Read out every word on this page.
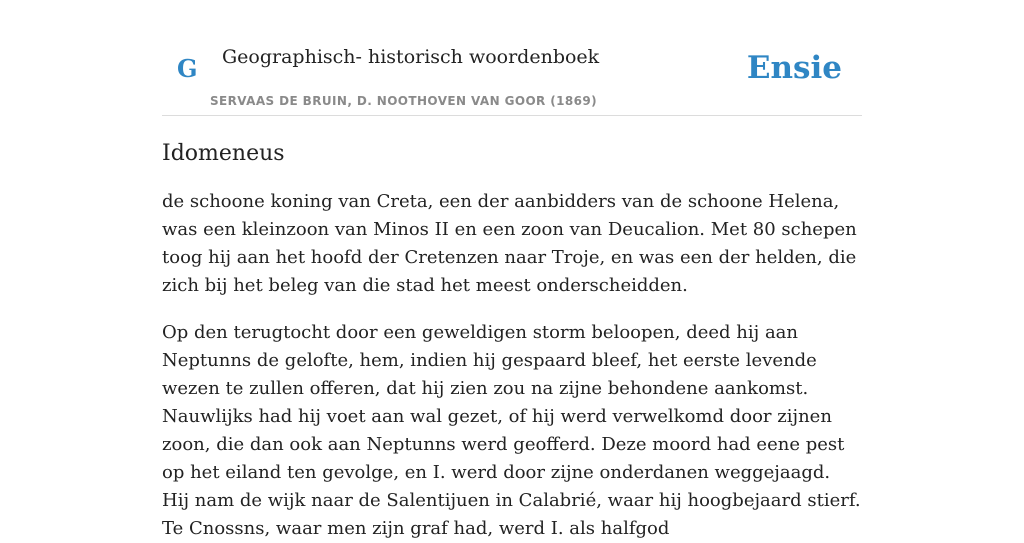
G Geographisch- historisch woordenboek
SERVAAS DE BRUIN, D. NOOTHOVEN VAN GOOR (1869)
Ensie
Idomeneus

de schoone koning van Creta, een der aanbidders van de schoone Helena, was een kleinzoon van Minos II en een zoon van Deucalion. Met 80 schepen toog hij aan het hoofd der Cretenzen naar Troje, en was een der helden, die zich bij het beleg van die stad het meest onderscheidden.

Op den terugtocht door een geweldigen storm beloopen, deed hij aan Neptunns de gelofte, hem, indien hij gespaard bleef, het eerste levende wezen te zullen offeren, dat hij zien zou na zijne behondene aankomst. Nauwlijks had hij voet aan wal gezet, of hij werd verwelkomd door zijnen zoon, die dan ook aan Neptunns werd geofferd. Deze moord had eene pest op het eiland ten gevolge, en I. werd door zijne onderdanen weggejaagd. Hij nam de wijk naar de Salentijuen in Calabrié, waar hij hoogbejaard stierf. Te Cnossns, waar men zijn graf had, werd I. als halfgod
